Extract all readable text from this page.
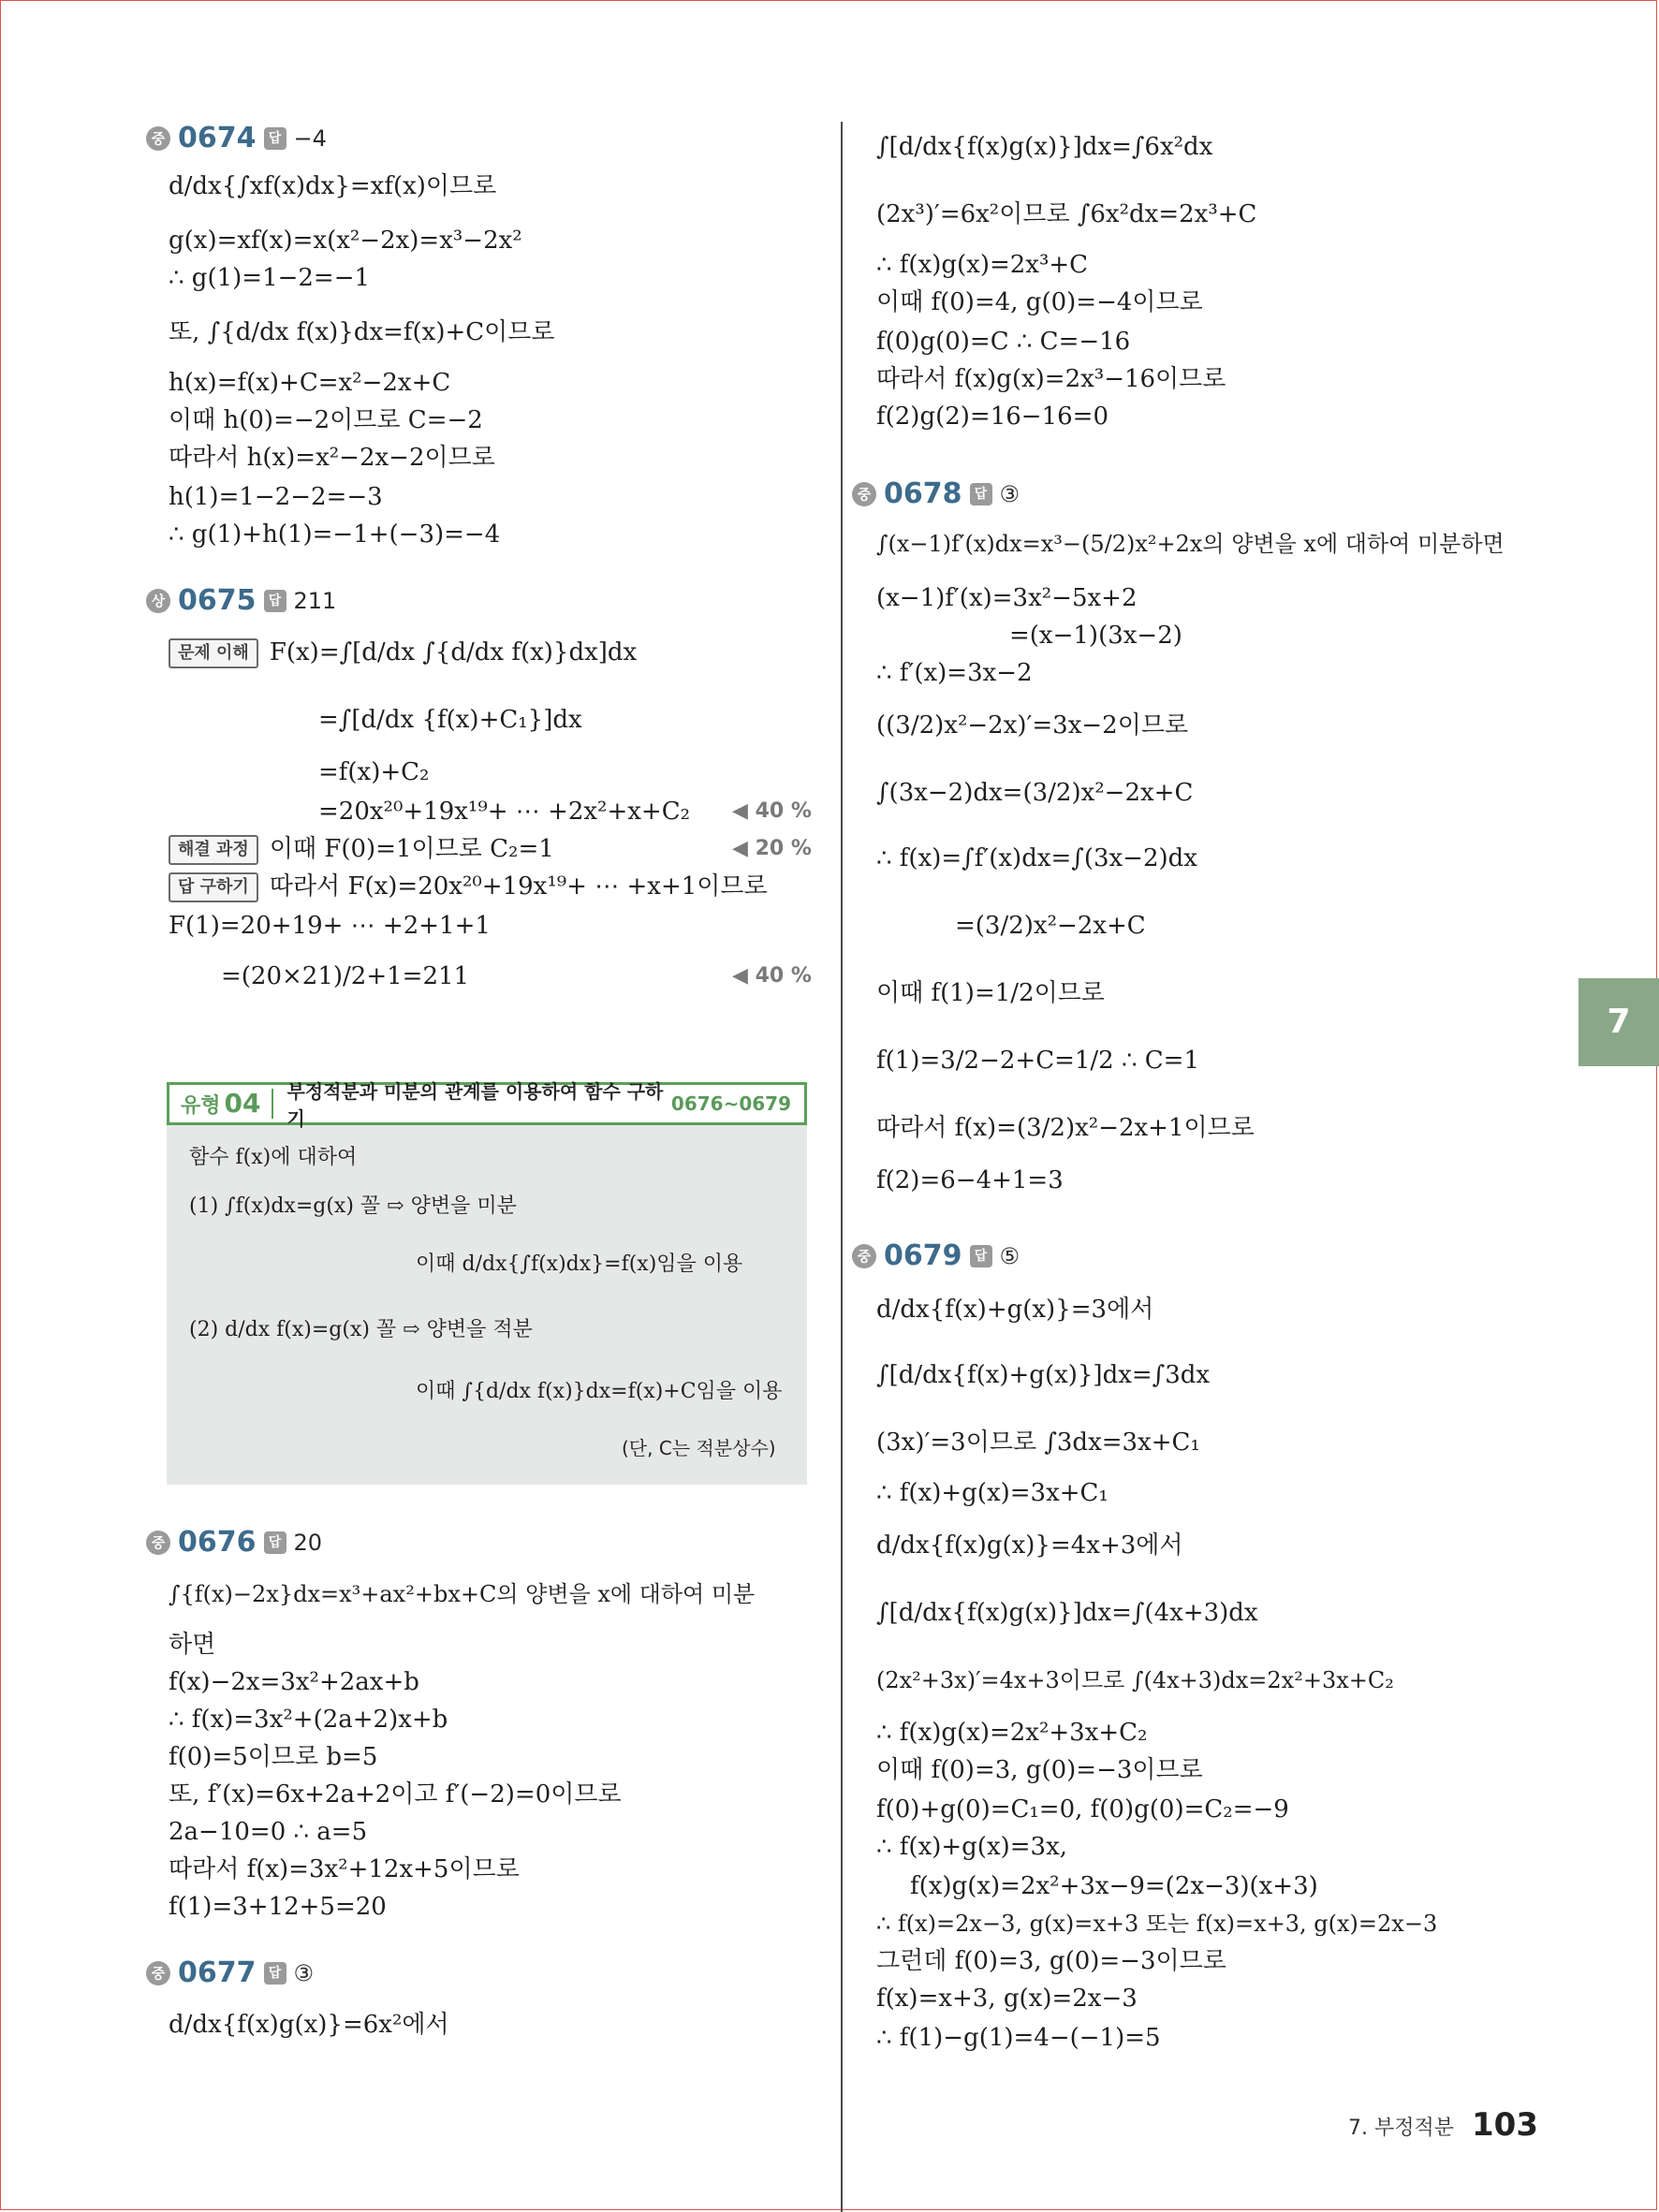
중 0674 답 −4
d/dx{∫xf(x)dx}=xf(x)이므로
g(x)=xf(x)=x(x²−2x)=x³−2x²
∴ g(1)=1−2=−1
또, ∫{d/dx f(x)}dx=f(x)+C이므로
h(x)=f(x)+C=x²−2x+C
이때 h(0)=−2이므로 C=−2
따라서 h(x)=x²−2x−2이므로
h(1)=1−2−2=−3
∴ g(1)+h(1)=−1+(−3)=−4
상 0675 답 211
문제 이해 F(x)=∫[d/dx ∫{d/dx f(x)}dx]dx
=∫[d/dx {f(x)+C₁}]dx
=f(x)+C₂
=20x²⁰+19x¹⁹+ ⋯ +2x²+x+C₂ ◀ 40 %
해결 과정 이때 F(0)=1이므로 C₂=1	◀ 20 %
답 구하기 따라서 F(x)=20x²⁰+19x¹⁹+ ⋯ +x+1이므로
F(1)=20+19+ ⋯ +2+1+1
=(20×21)/2+1=211	◀ 40 %
유형 04	부정적분과 미분의 관계를 이용하여 함수 구하기
0676~0679
함수 f(x)에 대하여
(1) ∫f(x)dx=g(x) 꼴 ⇨ 양변을 미분
이때 d/dx{∫f(x)dx}=f(x)임을 이용
(2) d/dx f(x)=g(x) 꼴 ⇨ 양변을 적분
이때 ∫{d/dx f(x)}dx=f(x)+C임을 이용
(단, C는 적분상수)
중 0676 답 20
∫{f(x)−2x}dx=x³+ax²+bx+C의 양변을 x에 대하여 미분
하면
f(x)−2x=3x²+2ax+b
∴ f(x)=3x²+(2a+2)x+b
f(0)=5이므로 b=5
또, f′(x)=6x+2a+2이고 f′(−2)=0이므로
2a−10=0 ∴ a=5
따라서 f(x)=3x²+12x+5이므로
f(1)=3+12+5=20
중 0677 답 ③
d/dx{f(x)g(x)}=6x²에서
∫[d/dx{f(x)g(x)}]dx=∫6x²dx
(2x³)′=6x²이므로 ∫6x²dx=2x³+C
∴ f(x)g(x)=2x³+C
이때 f(0)=4, g(0)=−4이므로
f(0)g(0)=C ∴ C=−16
따라서 f(x)g(x)=2x³−16이므로
f(2)g(2)=16−16=0
중 0678 답 ③
∫(x−1)f′(x)dx=x³−(5/2)x²+2x의 양변을 x에 대하여 미분하면
(x−1)f′(x)=3x²−5x+2
=(x−1)(3x−2)
∴ f′(x)=3x−2
((3/2)x²−2x)′=3x−2이므로
∫(3x−2)dx=(3/2)x²−2x+C
∴ f(x)=∫f′(x)dx=∫(3x−2)dx
=(3/2)x²−2x+C
이때 f(1)=1/2이므로
f(1)=3/2−2+C=1/2 ∴ C=1
따라서 f(x)=(3/2)x²−2x+1이므로
f(2)=6−4+1=3
중 0679 답 ⑤
d/dx{f(x)+g(x)}=3에서
∫[d/dx{f(x)+g(x)}]dx=∫3dx
(3x)′=3이므로 ∫3dx=3x+C₁
∴ f(x)+g(x)=3x+C₁
d/dx{f(x)g(x)}=4x+3에서
∫[d/dx{f(x)g(x)}]dx=∫(4x+3)dx
(2x²+3x)′=4x+3이므로 ∫(4x+3)dx=2x²+3x+C₂
∴ f(x)g(x)=2x²+3x+C₂
이때 f(0)=3, g(0)=−3이므로
f(0)+g(0)=C₁=0, f(0)g(0)=C₂=−9
∴ f(x)+g(x)=3x,
f(x)g(x)=2x²+3x−9=(2x−3)(x+3)
∴ f(x)=2x−3, g(x)=x+3 또는 f(x)=x+3, g(x)=2x−3
그런데 f(0)=3, g(0)=−3이므로
f(x)=x+3, g(x)=2x−3
∴ f(1)−g(1)=4−(−1)=5
7
7. 부정적분 103
